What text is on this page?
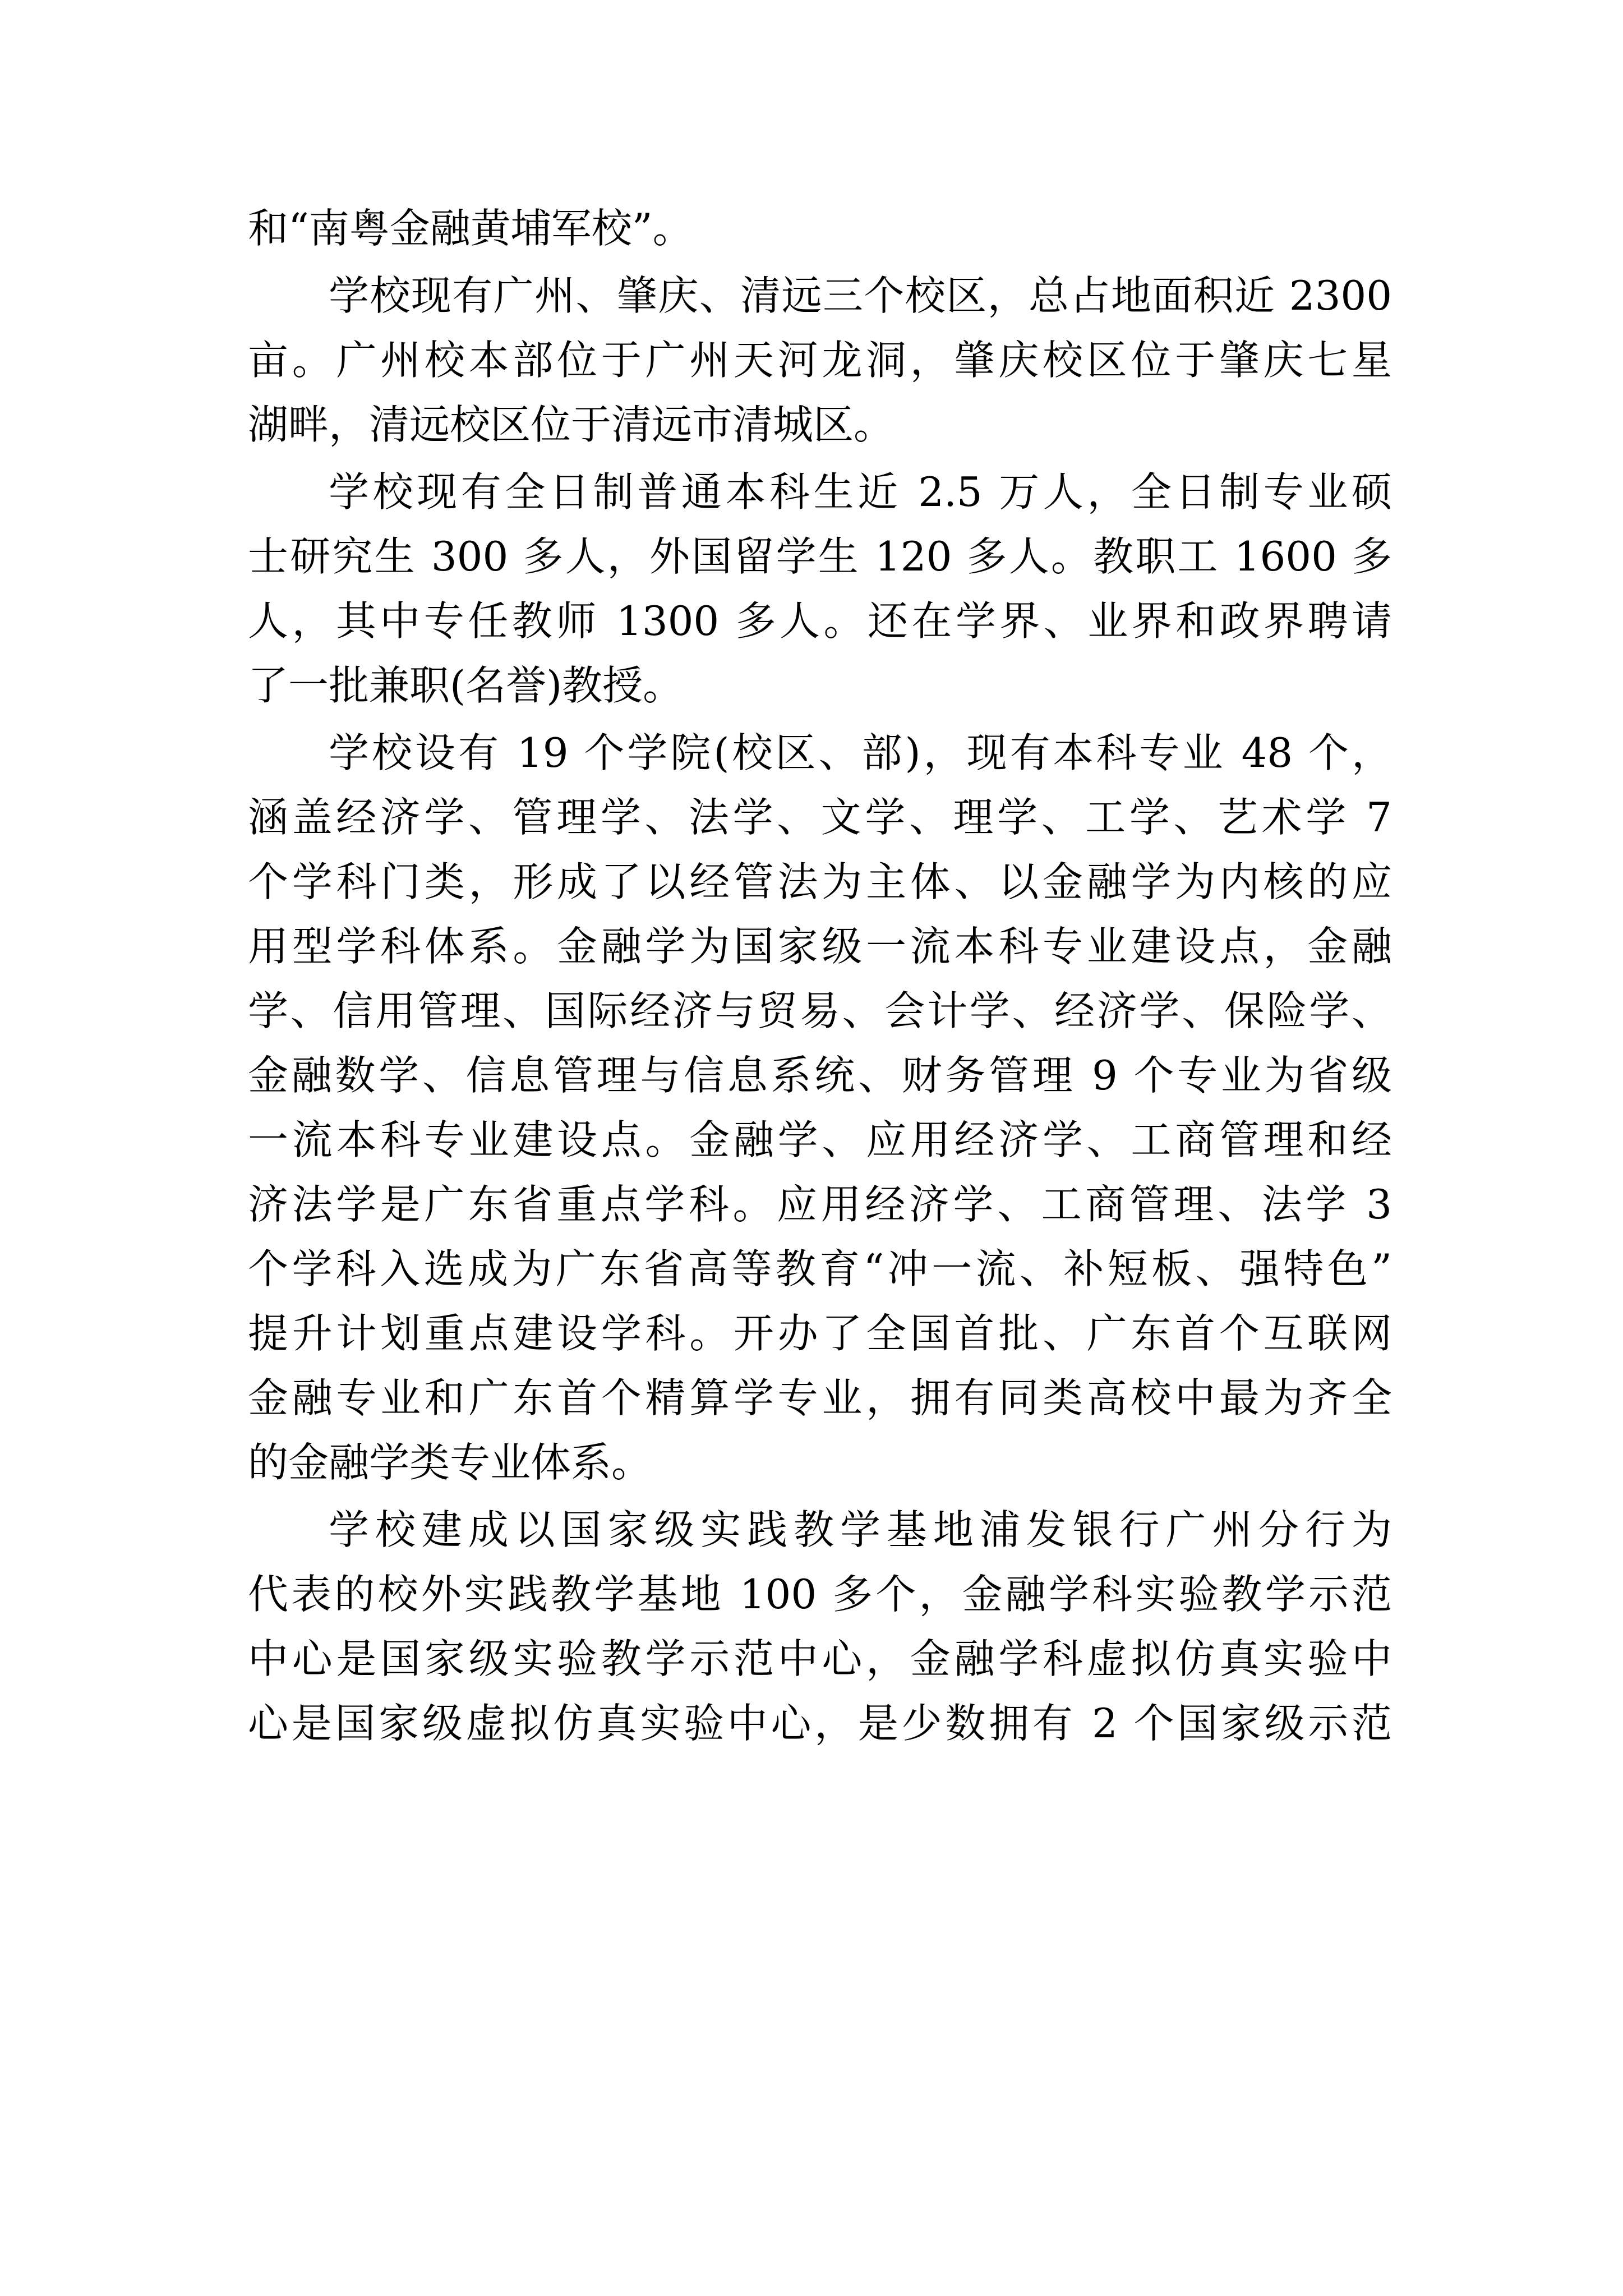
和“南粤金融黄埔军校”。
学校现有广州、肇庆、清远三个校区，总占地面积近 2300
亩。广州校本部位于广州天河龙洞，肇庆校区位于肇庆七星
湖畔，清远校区位于清远市清城区。
学校现有全日制普通本科生近 2.5 万人，全日制专业硕
士研究生 300 多人，外国留学生 120 多人。教职工 1600 多
人，其中专任教师 1300 多人。还在学界、业界和政界聘请
了一批兼职(名誉)教授。
学校设有 19 个学院(校区、部)，现有本科专业 48 个，
涵盖经济学、管理学、法学、文学、理学、工学、艺术学 7
个学科门类，形成了以经管法为主体、以金融学为内核的应
用型学科体系。金融学为国家级一流本科专业建设点，金融
学、信用管理、国际经济与贸易、会计学、经济学、保险学、
金融数学、信息管理与信息系统、财务管理 9 个专业为省级
一流本科专业建设点。金融学、应用经济学、工商管理和经
济法学是广东省重点学科。应用经济学、工商管理、法学 3
个学科入选成为广东省高等教育“冲一流、补短板、强特色”
提升计划重点建设学科。开办了全国首批、广东首个互联网
金融专业和广东首个精算学专业，拥有同类高校中最为齐全
的金融学类专业体系。
学校建成以国家级实践教学基地浦发银行广州分行为
代表的校外实践教学基地 100 多个，金融学科实验教学示范
中心是国家级实验教学示范中心，金融学科虚拟仿真实验中
心是国家级虚拟仿真实验中心，是少数拥有 2 个国家级示范
